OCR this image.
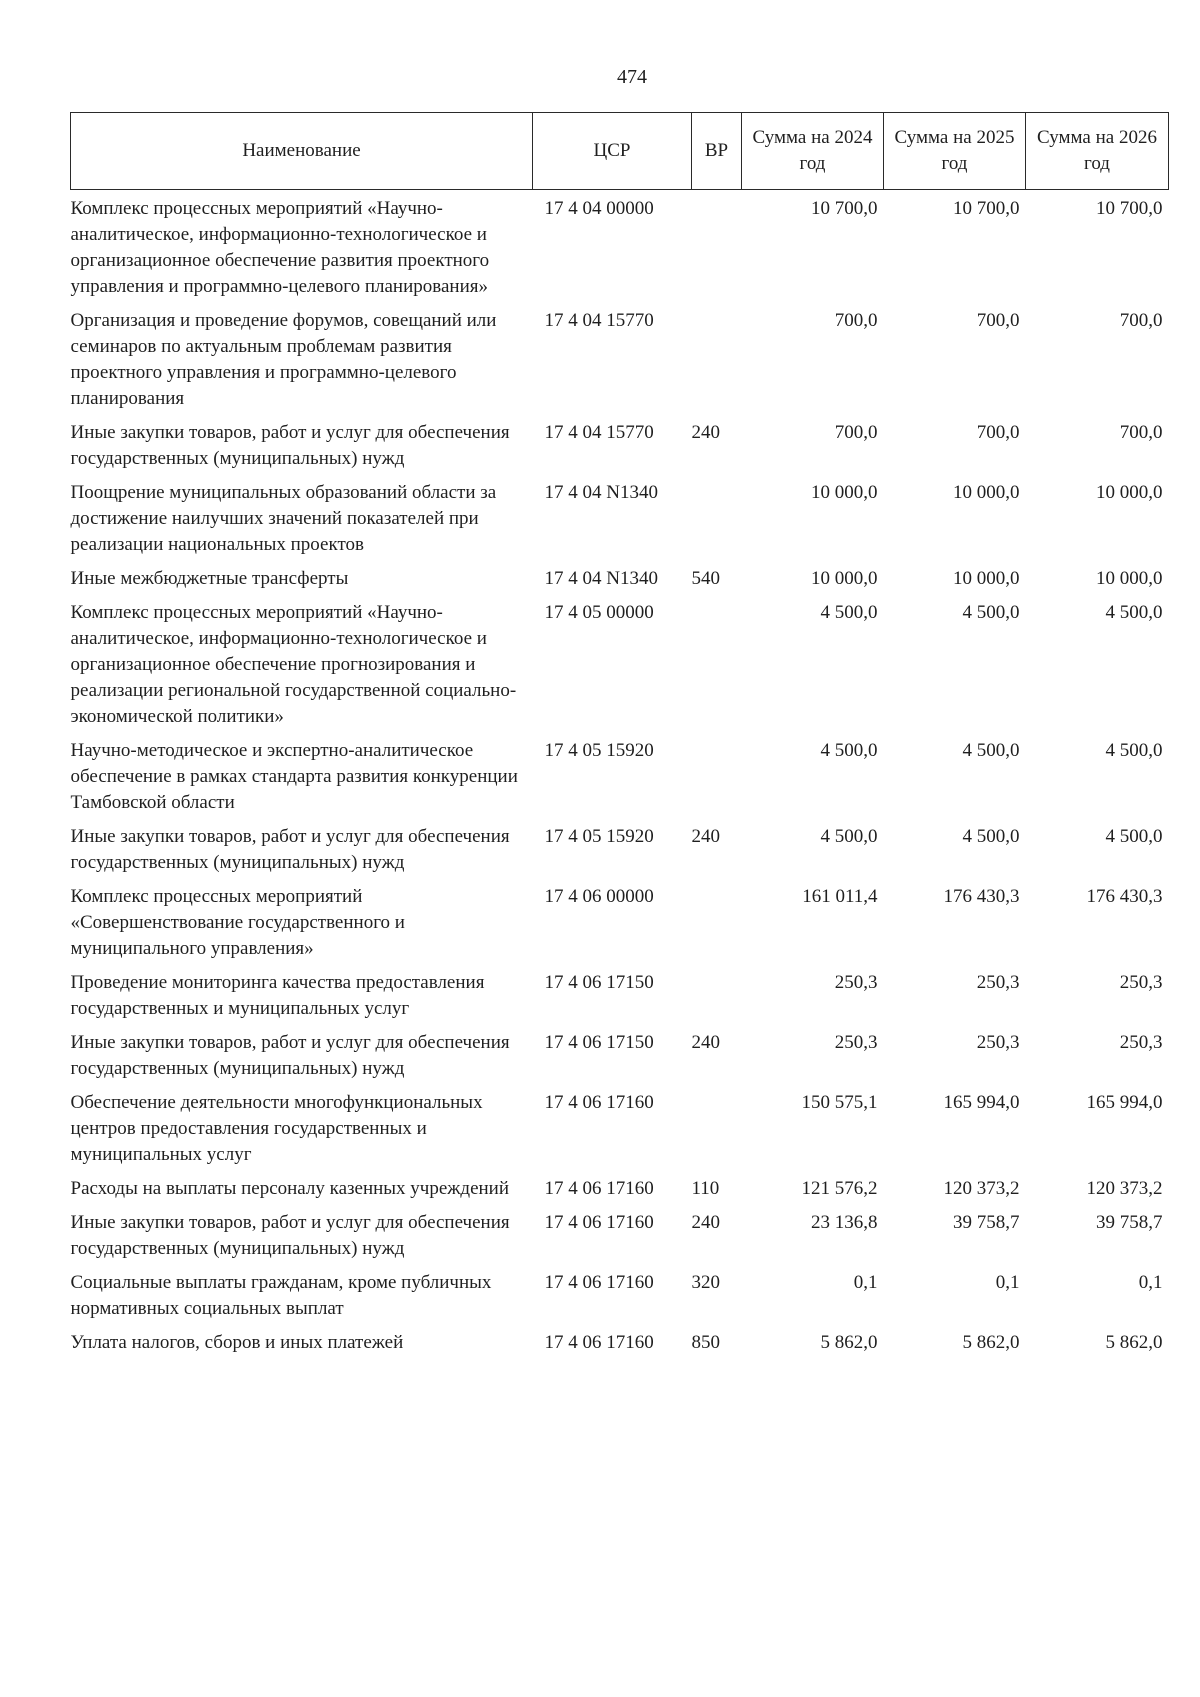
474
Наименование	ЦСР	ВР	Сумма на 2024 год	Сумма на 2025 год	Сумма на 2026 год
Комплекс процессных мероприятий «Научно-аналитическое, информационно-технологическое и организационное обеспечение развития проектного управления и программно-целевого планирования»	17 4 04 00000		10 700,0	10 700,0	10 700,0
Организация и проведение форумов, совещаний или семинаров по актуальным проблемам развития проектного управления и программно-целевого планирования	17 4 04 15770		700,0	700,0	700,0
Иные закупки товаров, работ и услуг для обеспечения государственных (муниципальных) нужд	17 4 04 15770	240	700,0	700,0	700,0
Поощрение муниципальных образований области за достижение наилучших значений показателей при реализации национальных проектов	17 4 04 N1340		10 000,0	10 000,0	10 000,0
Иные межбюджетные трансферты	17 4 04 N1340	540	10 000,0	10 000,0	10 000,0
Комплекс процессных мероприятий «Научно-аналитическое, информационно-технологическое и организационное обеспечение прогнозирования и реализации региональной государственной социально-экономической политики»	17 4 05 00000		4 500,0	4 500,0	4 500,0
Научно-методическое и экспертно-аналитическое обеспечение в рамках стандарта развития конкуренции Тамбовской области	17 4 05 15920		4 500,0	4 500,0	4 500,0
Иные закупки товаров, работ и услуг для обеспечения государственных (муниципальных) нужд	17 4 05 15920	240	4 500,0	4 500,0	4 500,0
Комплекс процессных мероприятий «Совершенствование государственного и муниципального управления»	17 4 06 00000		161 011,4	176 430,3	176 430,3
Проведение мониторинга качества предоставления государственных и муниципальных услуг	17 4 06 17150		250,3	250,3	250,3
Иные закупки товаров, работ и услуг для обеспечения государственных (муниципальных) нужд	17 4 06 17150	240	250,3	250,3	250,3
Обеспечение деятельности многофункциональных центров предоставления государственных и муниципальных услуг	17 4 06 17160		150 575,1	165 994,0	165 994,0
Расходы на выплаты персоналу казенных учреждений	17 4 06 17160	110	121 576,2	120 373,2	120 373,2
Иные закупки товаров, работ и услуг для обеспечения государственных (муниципальных) нужд	17 4 06 17160	240	23 136,8	39 758,7	39 758,7
Социальные выплаты гражданам, кроме публичных нормативных социальных выплат	17 4 06 17160	320	0,1	0,1	0,1
Уплата налогов, сборов и иных платежей	17 4 06 17160	850	5 862,0	5 862,0	5 862,0
